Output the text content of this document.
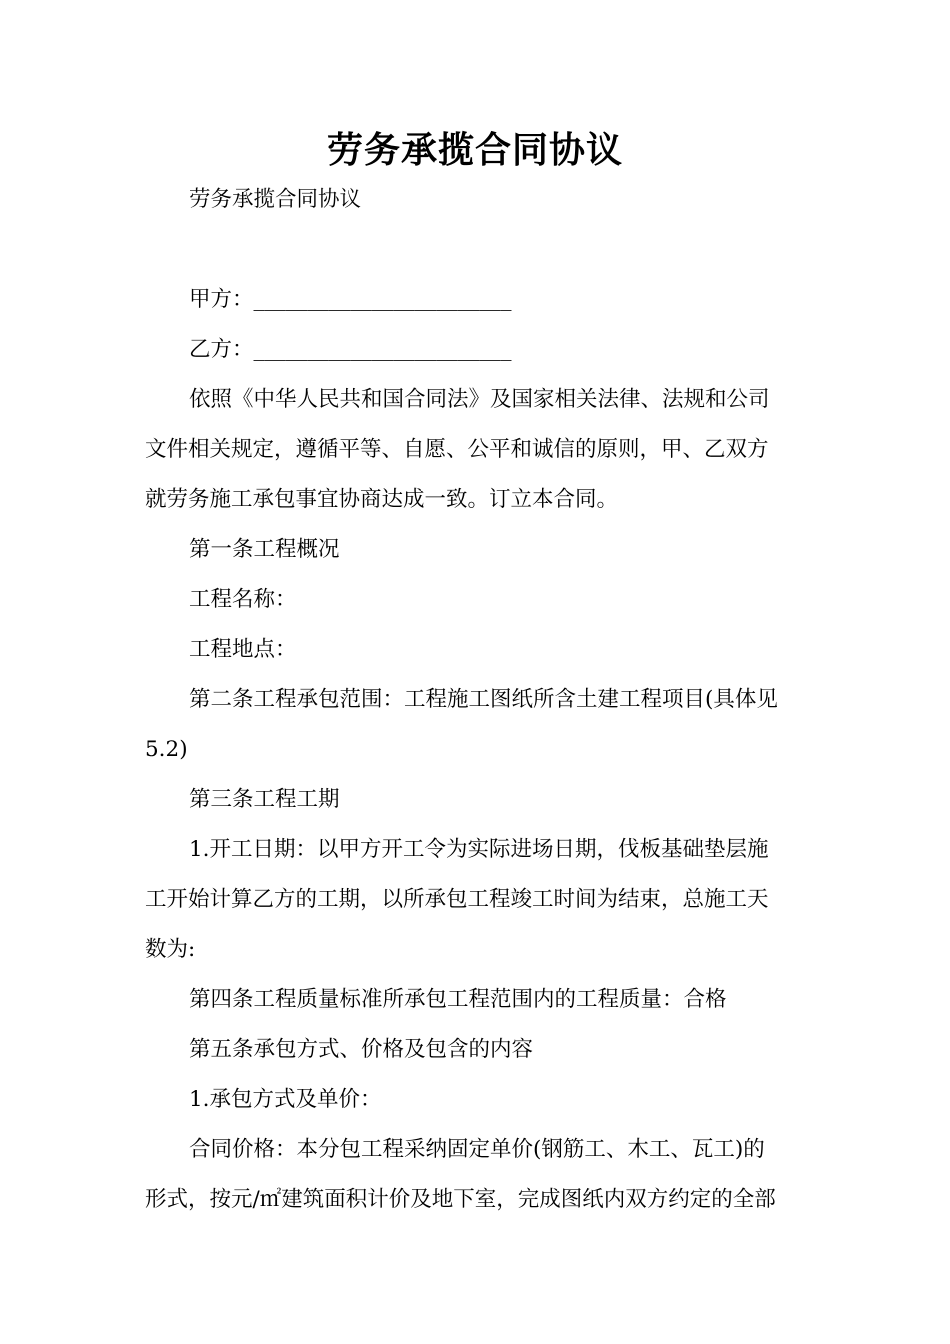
劳务承揽合同协议
劳务承揽合同协议
甲方：________________________
乙方：________________________
依照《中华人民共和国合同法》及国家相关法律、法规和公司
文件相关规定，遵循平等、自愿、公平和诚信的原则，甲、乙双方
就劳务施工承包事宜协商达成一致。订立本合同。
第一条工程概况
工程名称：
工程地点：
第二条工程承包范围：工程施工图纸所含土建工程项目(具体见
5.2)
第三条工程工期
1.开工日期：以甲方开工令为实际进场日期，伐板基础垫层施
工开始计算乙方的工期，以所承包工程竣工时间为结束，总施工天
数为:
第四条工程质量标准所承包工程范围内的工程质量：合格
第五条承包方式、价格及包含的内容
1.承包方式及单价：
合同价格：本分包工程采纳固定单价(钢筋工、木工、瓦工)的
形式，按元/㎡建筑面积计价及地下室，完成图纸内双方约定的全部
